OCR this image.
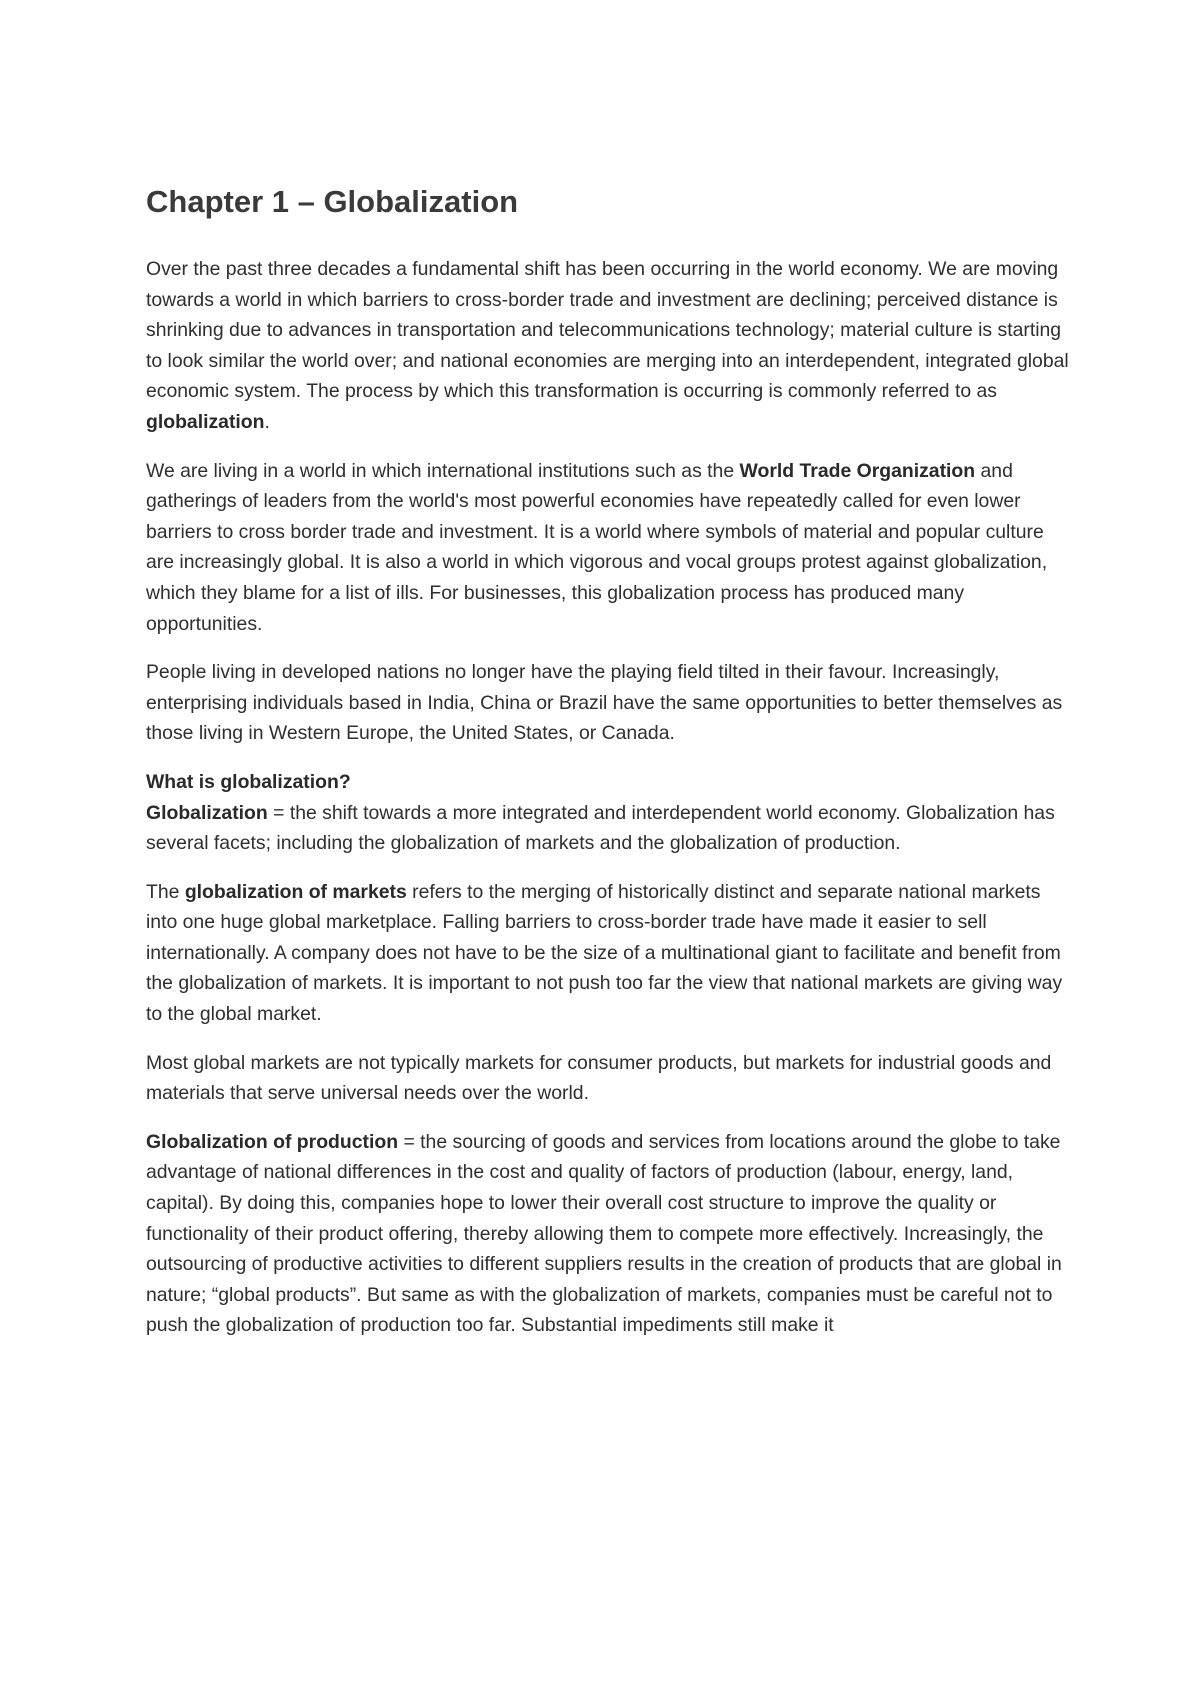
Chapter 1 – Globalization

Over the past three decades a fundamental shift has been occurring in the world economy. We are moving towards a world in which barriers to cross-border trade and investment are declining; perceived distance is shrinking due to advances in transportation and telecommunications technology; material culture is starting to look similar the world over; and national economies are merging into an interdependent, integrated global economic system. The process by which this transformation is occurring is commonly referred to as globalization.

We are living in a world in which international institutions such as the World Trade Organization and gatherings of leaders from the world's most powerful economies have repeatedly called for even lower barriers to cross border trade and investment. It is a world where symbols of material and popular culture are increasingly global. It is also a world in which vigorous and vocal groups protest against globalization, which they blame for a list of ills. For businesses, this globalization process has produced many opportunities.

People living in developed nations no longer have the playing field tilted in their favour. Increasingly, enterprising individuals based in India, China or Brazil have the same opportunities to better themselves as those living in Western Europe, the United States, or Canada.

What is globalization?
Globalization = the shift towards a more integrated and interdependent world economy. Globalization has several facets; including the globalization of markets and the globalization of production.

The globalization of markets refers to the merging of historically distinct and separate national markets into one huge global marketplace. Falling barriers to cross-border trade have made it easier to sell internationally. A company does not have to be the size of a multinational giant to facilitate and benefit from the globalization of markets. It is important to not push too far the view that national markets are giving way to the global market.

Most global markets are not typically markets for consumer products, but markets for industrial goods and materials that serve universal needs over the world.

Globalization of production = the sourcing of goods and services from locations around the globe to take advantage of national differences in the cost and quality of factors of production (labour, energy, land, capital). By doing this, companies hope to lower their overall cost structure to improve the quality or functionality of their product offering, thereby allowing them to compete more effectively. Increasingly, the outsourcing of productive activities to different suppliers results in the creation of products that are global in nature; “global products”. But same as with the globalization of markets, companies must be careful not to push the globalization of production too far. Substantial impediments still make it
